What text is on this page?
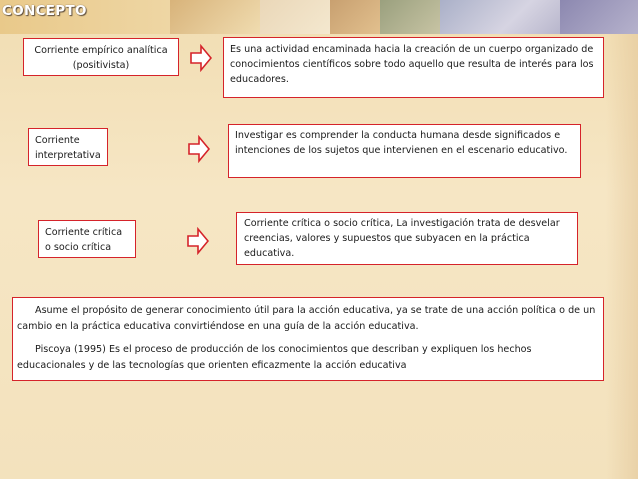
CONCEPTO
Corriente empírico analítica
(positivista)
Es una actividad encaminada hacia la creación de un cuerpo organizado de conocimientos científicos sobre todo aquello que resulta de interés para los educadores.
Corriente
interpretativa
Investigar es comprender la conducta humana desde significados e intenciones de los sujetos que intervienen en el escenario educativo.
Corriente crítica
o socio crítica
Corriente crítica o socio crítica, La investigación trata de desvelar creencias, valores y supuestos que subyacen en la práctica educativa.

Asume el propósito de generar conocimiento útil para la acción educativa, ya se trate de una acción política o de un cambio en la práctica educativa convirtiéndose en una guía de la acción educativa.

Piscoya (1995) Es el proceso de producción de los conocimientos que describan y expliquen los hechos educacionales y de las tecnologías que orienten eficazmente la acción educativa
